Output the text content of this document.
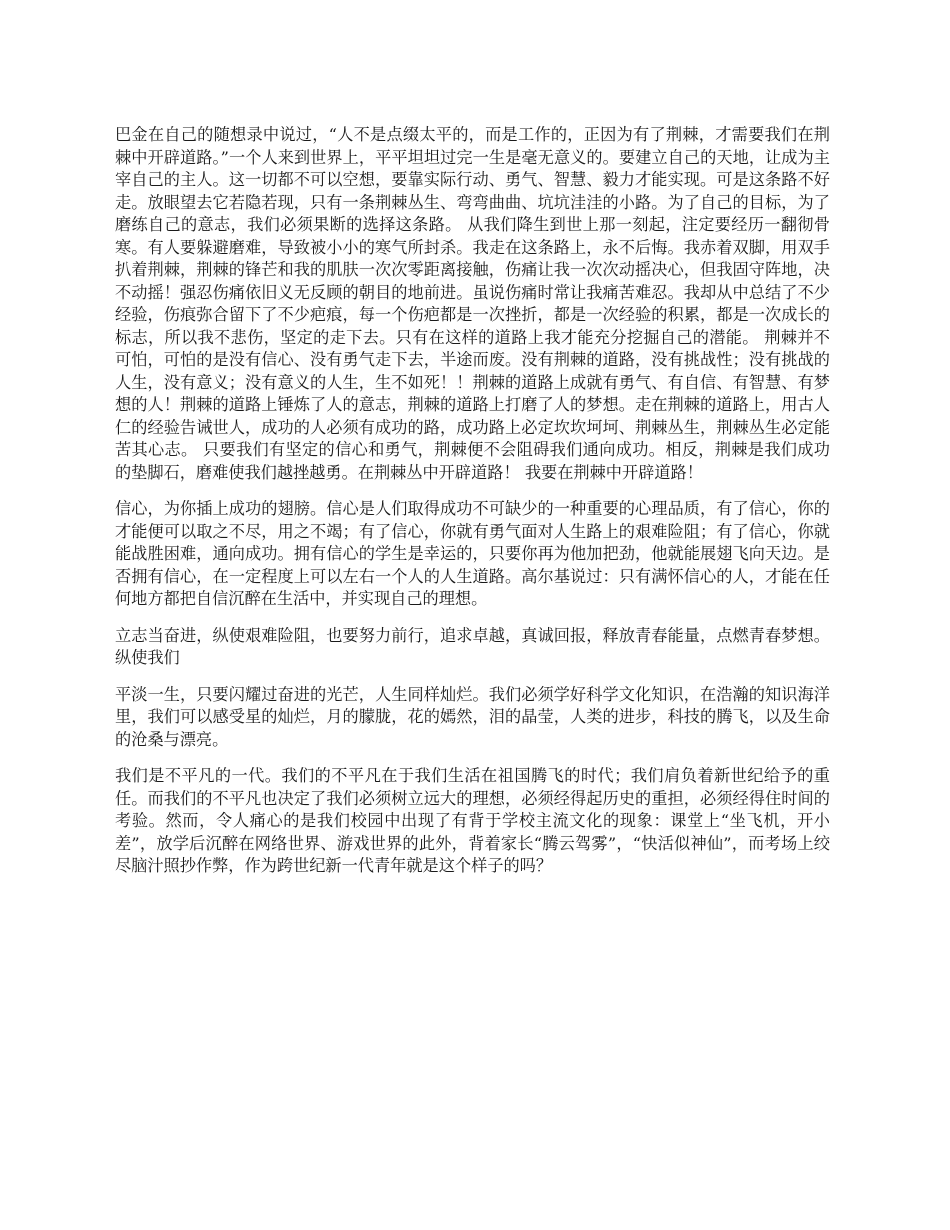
巴金在自己的随想录中说过，“人不是点缀太平的，而是工作的，正因为有了荆棘，才需要我们在荆棘中开辟道路。”一个人来到世界上，平平坦坦过完一生是毫无意义的。要建立自己的天地，让成为主宰自己的主人。这一切都不可以空想，要靠实际行动、勇气、智慧、毅力才能实现。可是这条路不好走。放眼望去它若隐若现，只有一条荆棘丛生、弯弯曲曲、坑坑洼洼的小路。为了自己的目标，为了磨练自己的意志，我们必须果断的选择这条路。 从我们降生到世上那一刻起，注定要经历一翻彻骨寒。有人要躲避磨难，导致被小小的寒气所封杀。我走在这条路上，永不后悔。我赤着双脚，用双手扒着荆棘，荆棘的锋芒和我的肌肤一次次零距离接触，伤痛让我一次次动摇决心，但我固守阵地，决不动摇！强忍伤痛依旧义无反顾的朝目的地前进。虽说伤痛时常让我痛苦难忍。我却从中总结了不少经验，伤痕弥合留下了不少疤痕，每一个伤疤都是一次挫折，都是一次经验的积累，都是一次成长的标志，所以我不悲伤，坚定的走下去。只有在这样的道路上我才能充分挖掘自己的潜能。 荆棘并不可怕，可怕的是没有信心、没有勇气走下去，半途而废。没有荆棘的道路，没有挑战性；没有挑战的人生，没有意义；没有意义的人生，生不如死！！荆棘的道路上成就有勇气、有自信、有智慧、有梦想的人！荆棘的道路上锤炼了人的意志，荆棘的道路上打磨了人的梦想。走在荆棘的道路上，用古人仁的经验告诫世人，成功的人必须有成功的路，成功路上必定坎坎坷坷、荆棘丛生，荆棘丛生必定能苦其心志。 只要我们有坚定的信心和勇气，荆棘便不会阻碍我们通向成功。相反，荆棘是我们成功的垫脚石，磨难使我们越挫越勇。在荆棘丛中开辟道路！ 我要在荆棘中开辟道路！

信心，为你插上成功的翅膀。信心是人们取得成功不可缺少的一种重要的心理品质，有了信心，你的才能便可以取之不尽，用之不竭；有了信心，你就有勇气面对人生路上的艰难险阻；有了信心，你就能战胜困难，通向成功。拥有信心的学生是幸运的，只要你再为他加把劲，他就能展翅飞向天边。是否拥有信心，在一定程度上可以左右一个人的人生道路。高尔基说过：只有满怀信心的人，才能在任何地方都把自信沉醉在生活中，并实现自己的理想。

立志当奋进，纵使艰难险阻，也要努力前行，追求卓越，真诚回报，释放青春能量，点燃青春梦想。纵使我们

平淡一生，只要闪耀过奋进的光芒，人生同样灿烂。我们必须学好科学文化知识，在浩瀚的知识海洋里，我们可以感受星的灿烂，月的朦胧，花的嫣然，泪的晶莹，人类的进步，科技的腾飞，以及生命的沧桑与漂亮。

我们是不平凡的一代。我们的不平凡在于我们生活在祖国腾飞的时代；我们肩负着新世纪给予的重任。而我们的不平凡也决定了我们必须树立远大的理想，必须经得起历史的重担，必须经得住时间的考验。然而，令人痛心的是我们校园中出现了有背于学校主流文化的现象：课堂上“坐飞机，开小差”，放学后沉醉在网络世界、游戏世界的此外，背着家长“腾云驾雾”，“快活似神仙”，而考场上绞尽脑汁照抄作弊，作为跨世纪新一代青年就是这个样子的吗？
